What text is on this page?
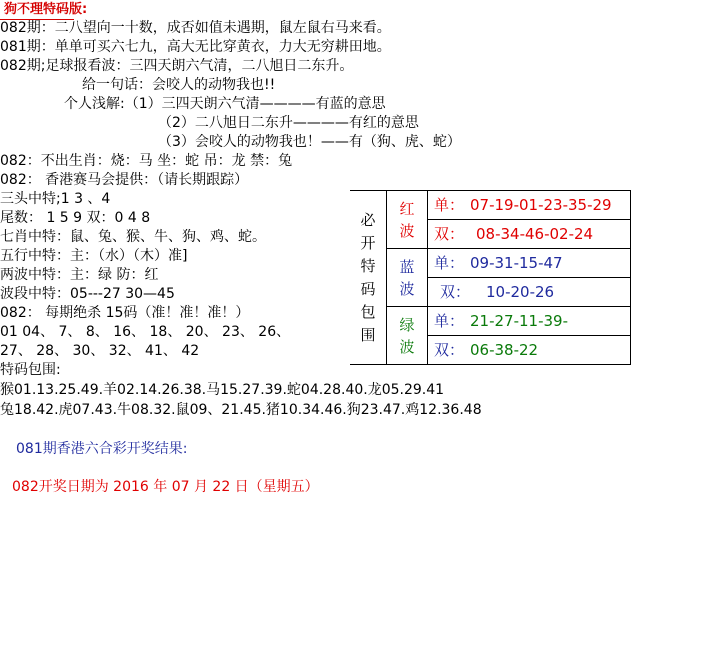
狗不理特码版:
082期：二八望向一十数，成否如值未遇期，鼠左鼠右马来看。
081期：单单可买六七九，高大无比穿黄衣，力大无穷耕田地。
082期;足球报看波：三四天朗六气清，二八旭日二东升。
给一句话：会咬人的动物我也!!
个人浅解:（1）三四天朗六气清————有蓝的意思
（2）二八旭日二东升————有红的意思
（3）会咬人的动物我也！——有（狗、虎、蛇）
082：不出生肖：烧：马 坐：蛇 吊：龙 禁：兔
082： 香港赛马会提供：（请长期跟踪）
三头中特;1 3 、4
尾数： 1 5 9 双：0 4 8
七肖中特：鼠、兔、猴、牛、狗、鸡、蛇。
五行中特：主：（水）（木）准]
两波中特：主：绿 防：红
波段中特：05---27 30—45
082： 每期绝杀 15码（准！准！准！）
01 04、 7、 8、 16、 18、 20、 23、 26、
27、 28、 30、 32、 41、 42
特码包围:
猴01.13.25.49.羊02.14.26.38.马15.27.39.蛇04.28.40.龙05.29.41
兔18.42.虎07.43.牛08.32.鼠09、21.45.猪10.34.46.狗23.47.鸡12.36.48
081期香港六合彩开奖结果:
082开奖日期为 2016 年 07 月 22 日（星期五）
必开特码包围	红波	单： 07-19-01-23-35-29
		双： 08-34-46-02-24

	蓝波	单： 09-31-15-47
		双： 10-20-26

	绿波	单： 21-27-11-39-
		双： 06-38-22
